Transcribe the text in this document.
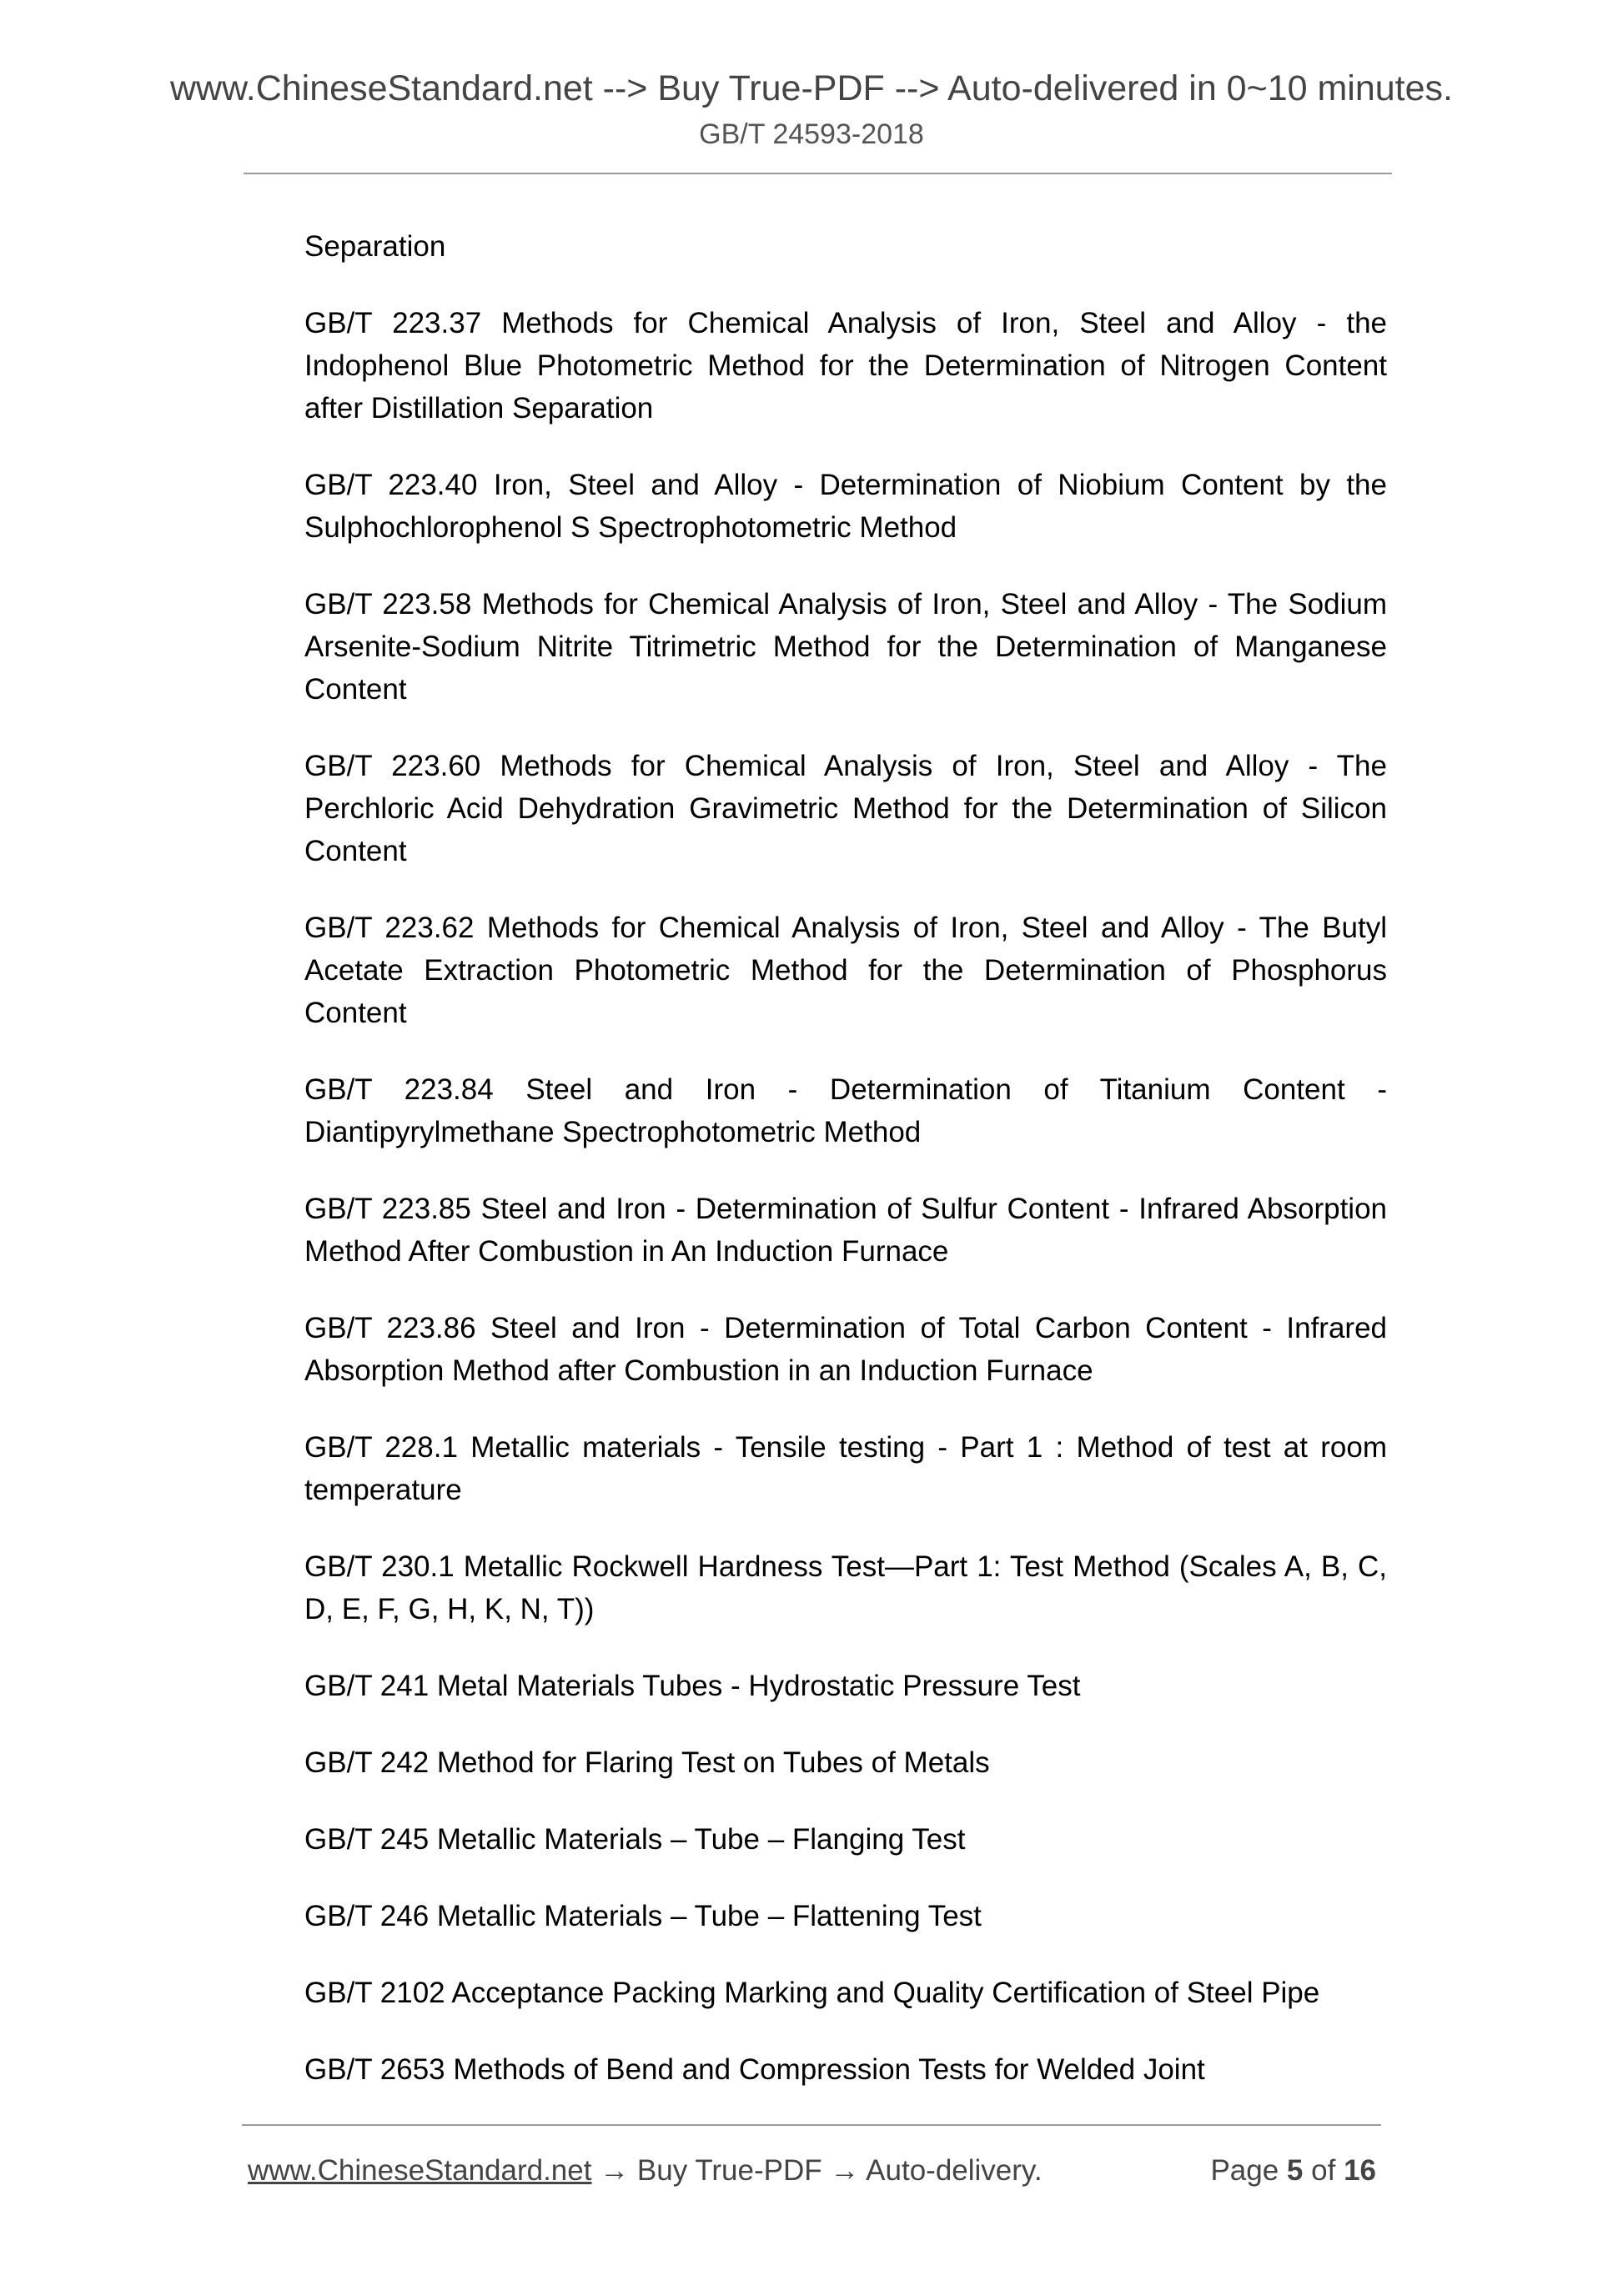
www.ChineseStandard.net --> Buy True-PDF --> Auto-delivered in 0~10 minutes.
GB/T 24593-2018

Separation

GB/T 223.37 Methods for Chemical Analysis of Iron, Steel and Alloy - the Indophenol Blue Photometric Method for the Determination of Nitrogen Content after Distillation Separation

GB/T 223.40 Iron, Steel and Alloy - Determination of Niobium Content by the Sulphochlorophenol S Spectrophotometric Method

GB/T 223.58 Methods for Chemical Analysis of Iron, Steel and Alloy - The Sodium Arsenite-Sodium Nitrite Titrimetric Method for the Determination of Manganese Content

GB/T 223.60 Methods for Chemical Analysis of Iron, Steel and Alloy - The Perchloric Acid Dehydration Gravimetric Method for the Determination of Silicon Content

GB/T 223.62 Methods for Chemical Analysis of Iron, Steel and Alloy - The Butyl Acetate Extraction Photometric Method for the Determination of Phosphorus Content

GB/T 223.84 Steel and Iron - Determination of Titanium Content - Diantipyrylmethane Spectrophotometric Method

GB/T 223.85 Steel and Iron - Determination of Sulfur Content - Infrared Absorption Method After Combustion in An Induction Furnace

GB/T 223.86 Steel and Iron - Determination of Total Carbon Content - Infrared Absorption Method after Combustion in an Induction Furnace

GB/T 228.1 Metallic materials - Tensile testing - Part 1 : Method of test at room temperature

GB/T 230.1 Metallic Rockwell Hardness Test—Part 1: Test Method (Scales A, B, C, D, E, F, G, H, K, N, T))

GB/T 241 Metal Materials Tubes - Hydrostatic Pressure Test

GB/T 242 Method for Flaring Test on Tubes of Metals

GB/T 245 Metallic Materials – Tube – Flanging Test

GB/T 246 Metallic Materials – Tube – Flattening Test

GB/T 2102 Acceptance Packing Marking and Quality Certification of Steel Pipe

GB/T 2653 Methods of Bend and Compression Tests for Welded Joint

www.ChineseStandard.net → Buy True-PDF → Auto-delivery.	Page 5 of 16
